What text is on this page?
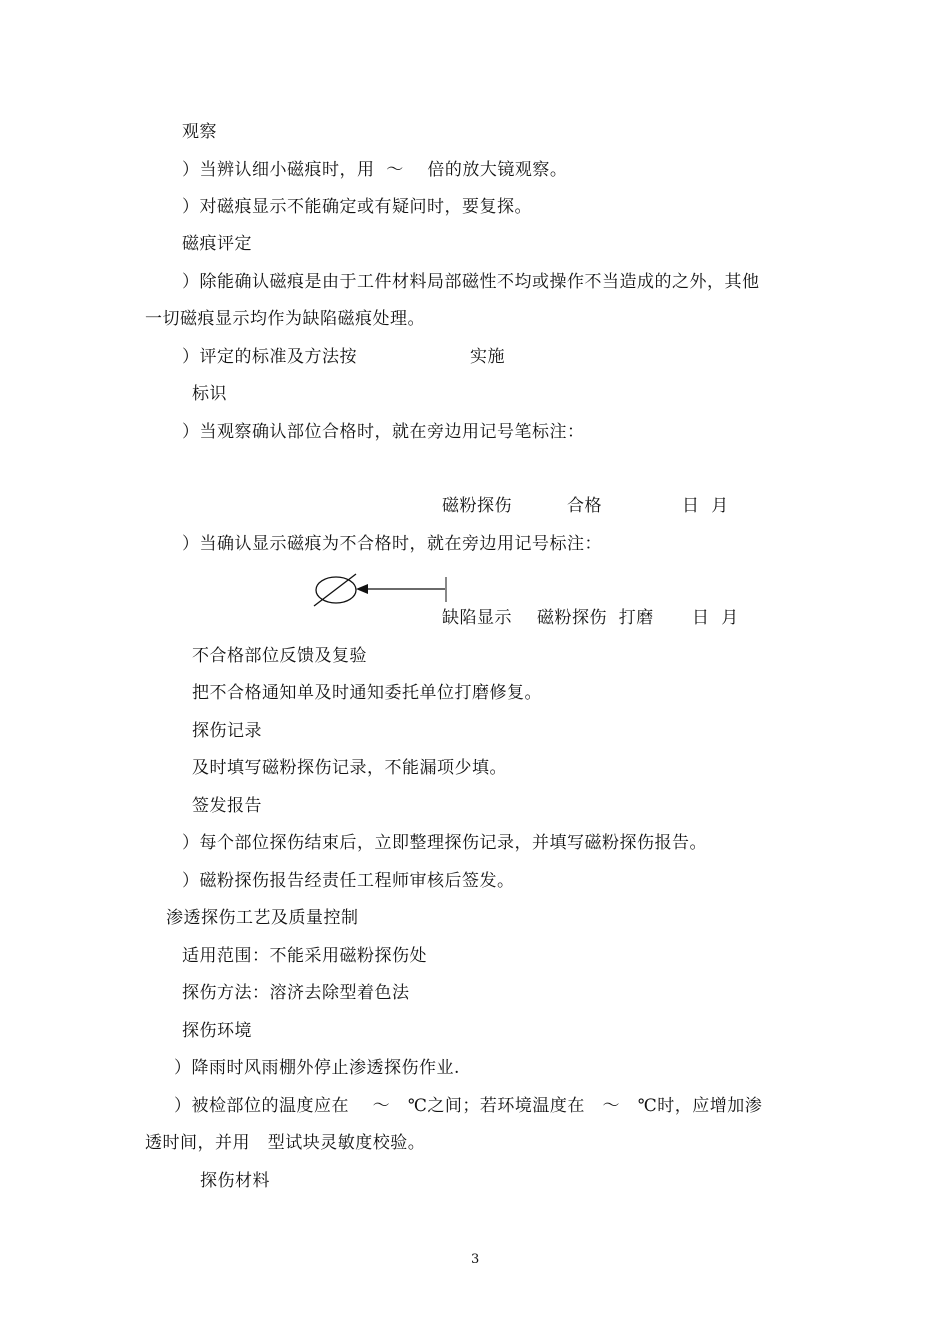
观察
）当辨认细小磁痕时，用  ～    倍的放大镜观察。
）对磁痕显示不能确定或有疑问时，要复探。
磁痕评定
）除能确认磁痕是由于工件材料局部磁性不均或操作不当造成的之外，其他
一切磁痕显示均作为缺陷磁痕处理。
）评定的标准及方法按	实施
标识
）当观察确认部位合格时，就在旁边用记号笔标注：
磁粉探伤	合格	日  月
）当确认显示磁痕为不合格时，就在旁边用记号标注：
缺陷显示 磁粉探伤  打磨 日  月
不合格部位反馈及复验
把不合格通知单及时通知委托单位打磨修复。
探伤记录
及时填写磁粉探伤记录，不能漏项少填。
签发报告
）每个部位探伤结束后，立即整理探伤记录，并填写磁粉探伤报告。
）磁粉探伤报告经责任工程师审核后签发。
渗透探伤工艺及质量控制
适用范围：不能采用磁粉探伤处
探伤方法：溶济去除型着色法
探伤环境
）降雨时风雨棚外停止渗透探伤作业.
）被检部位的温度应在    ～   ℃之间；若环境温度在   ～   ℃时，应增加渗
透时间，并用   型试块灵敏度校验。
探伤材料
3
